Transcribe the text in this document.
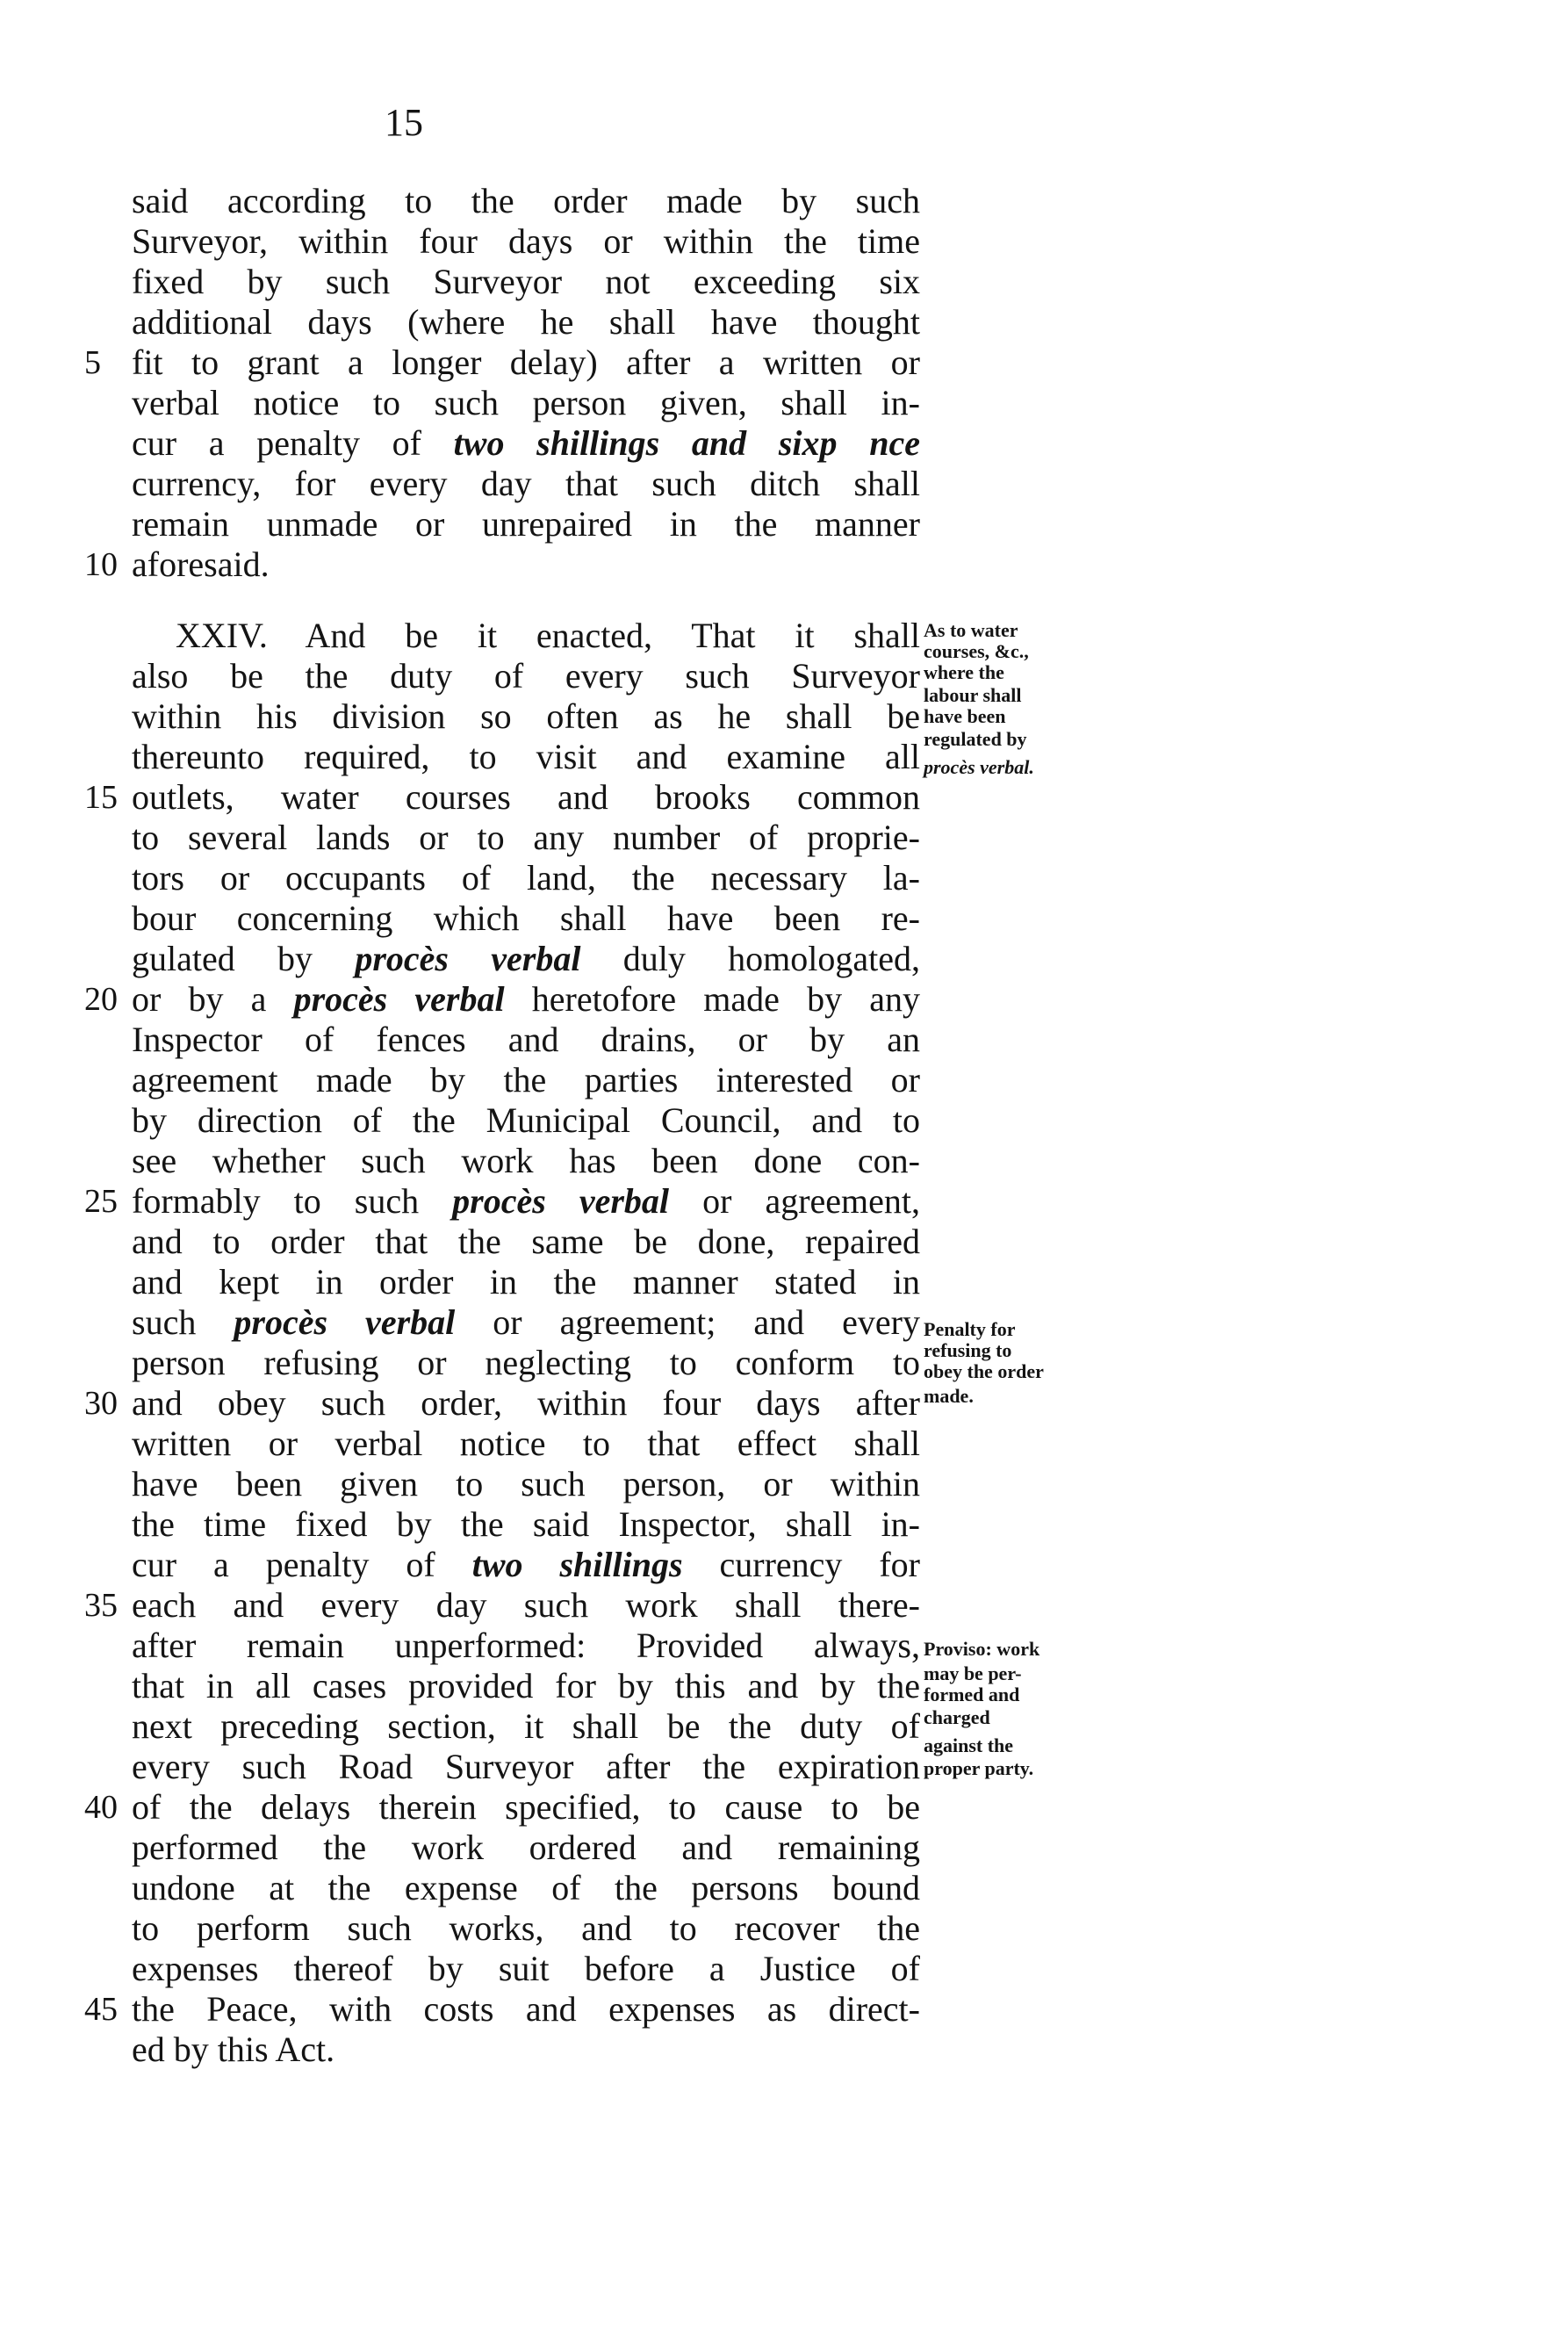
15
said according to the order made by such
Surveyor, within four days or within the time
fixed by such Surveyor not exceeding six
additional days (where he shall have thought
fit to grant a longer delay) after a written or
verbal notice to such person given, shall in-
cur a penalty of two shillings and sixp nce
currency, for every day that such ditch shall
remain unmade or unrepaired in the manner
aforesaid.
XXIV. And be it enacted, That it shall
also be the duty of every such Surveyor
within his division so often as he shall be
thereunto required, to visit and examine all
outlets, water courses and brooks common
to several lands or to any number of proprie-
tors or occupants of land, the necessary la-
bour concerning which shall have been re-
gulated by procès verbal duly homologated,
or by a procès verbal heretofore made by any
Inspector of fences and drains, or by an
agreement made by the parties interested or
by direction of the Municipal Council, and to
see whether such work has been done con-
formably to such procès verbal or agreement,
and to order that the same be done, repaired
and kept in order in the manner stated in
such procès verbal or agreement; and every
person refusing or neglecting to conform to
and obey such order, within four days after
written or verbal notice to that effect shall
have been given to such person, or within
the time fixed by the said Inspector, shall in-
cur a penalty of two shillings currency for
each and every day such work shall there-
after remain unperformed: Provided always,
that in all cases provided for by this and by the
next preceding section, it shall be the duty of
every such Road Surveyor after the expiration
of the delays therein specified, to cause to be
performed the work ordered and remaining
undone at the expense of the persons bound
to perform such works, and to recover the
expenses thereof by suit before a Justice of
the Peace, with costs and expenses as direct-
ed by this Act.
5
10
15
20
25
30
35
40
45
As to water
courses, &c.,
where the
labour shall
have been
regulated by
procès verbal.
Penalty for
refusing to
obey the order
made.
Proviso: work
may be per-
formed and
charged
against the
proper party.
